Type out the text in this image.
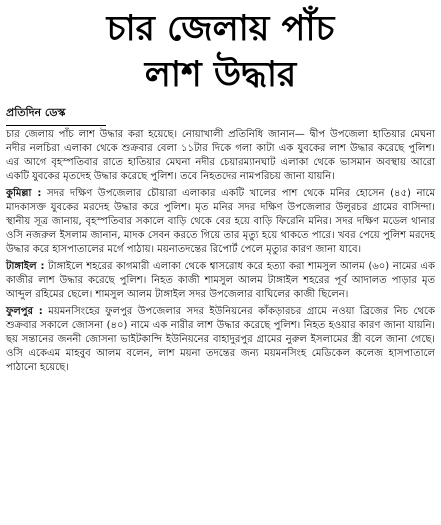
চার জেলায় পাঁচ
লাশ উদ্ধার
প্রতিদিন ডেস্ক

চার জেলায় পাঁচ লাশ উদ্ধার করা হয়েছে। নোয়াখালী প্রতিনিধি জানান— দ্বীপ উপজেলা হাতিয়ার মেঘনা নদীর নলচিরা এলাকা থেকে শুক্রবার বেলা ১১টার দিকে গলা কাটা এক যুবকের লাশ উদ্ধার করেছে পুলিশ। এর আগে বৃহস্পতিবার রাতে হাতিয়ার মেঘনা নদীর চেয়ারম্যানঘাট এলাকা থেকে ভাসমান অবস্থায় আরো একটি যুবকের মৃতদেহ উদ্ধার করেছে পুলিশ। তবে নিহতদের নামপরিচয় জানা যায়নি।

কুমিল্লা : সদর দক্ষিণ উপজেলার চৌয়ারা এলাকার একটি খালের পাশ থেকে মনির হোসেন (৪৫) নামে মাদকাসক্ত যুবকের মরদেহ উদ্ধার করে পুলিশ। মৃত মনির সদর দক্ষিণ উপজেলার উলুরচর গ্রামের বাসিন্দা। স্থানীয় সূত্র জানায়, বৃহস্পতিবার সকালে বাড়ি থেকে বের হয়ে বাড়ি ফিরেনি মনির। সদর দক্ষিণ মডেল থানার ওসি নজরুল ইসলাম জানান, মাদক সেবন করতে গিয়ে তার মৃত্যু হয়ে থাকতে পারে। খবর পেয়ে পুলিশ মরদেহ উদ্ধার করে হাসপাতালের মর্গে পাঠায়। ময়নাতদন্তের রিপোর্ট পেলে মৃত্যুর কারণ জানা যাবে।

টাঙ্গাইল : টাঙ্গাইলে শহরের কাগমারী এলাকা থেকে শ্বাসরোধ করে হত্যা করা শামসুল আলম (৬০) নামের এক কাজীর লাশ উদ্ধার করেছে পুলিশ। নিহত কাজী শামসুল আলম টাঙ্গাইল শহরের পূর্ব আদালত পাড়ার মৃত আব্দুল রহিমের ছেলে। শামসুল আলম টাঙ্গাইল সদর উপজেলার বাঘিলের কাজী ছিলেন।

ফুলপুর : ময়মনসিংহের ফুলপুর উপজেলার সদর ইউনিয়নের কাঁকড়ারচর গ্রামে নওয়া ব্রিজের নিচ থেকে শুক্রবার সকালে জোসনা (৪০) নামে এক নারীর লাশ উদ্ধার করেছে পুলিশ। নিহত হওয়ার কারণ জানা যায়নি। ছয় সন্তানের জননী জোসনা ভাইটকান্দি ইউনিয়নের বাহাদুরপুর গ্রামের নুরুল ইসলামের স্ত্রী বলে জানা গেছে। ওসি একেএম মাহবুব আলম বলেন, লাশ ময়না তদন্তের জন্য ময়মনসিংহ মেডিকেল কলেজ হাসপাতালে পাঠানো হয়েছে।
